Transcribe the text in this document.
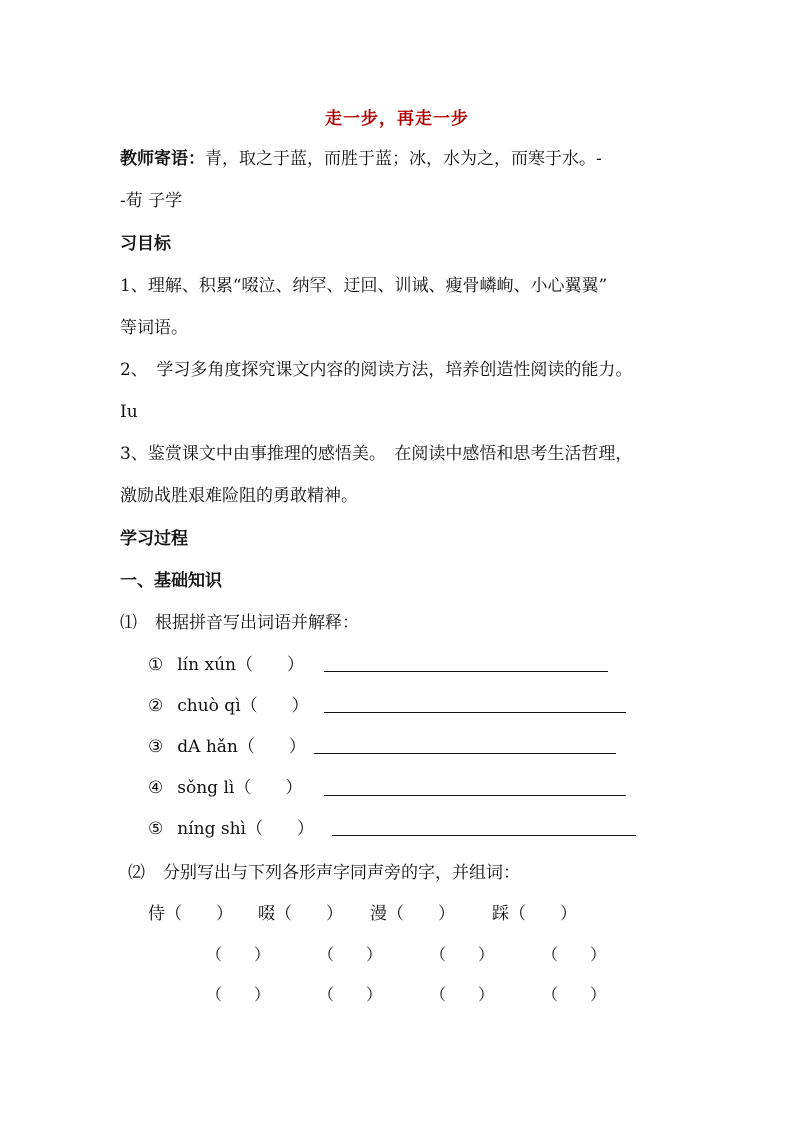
走一步，再走一步
教师寄语：青，取之于蓝，而胜于蓝；冰，水为之，而寒于水。-
-荀 子学
习目标
1、理解、积累“啜泣、纳罕、迂回、训诫、瘦骨嶙峋、小心翼翼”
等词语。
2、　学习多角度探究课文内容的阅读方法，培养创造性阅读的能力。
Iu
3、鉴赏课文中由事推理的感悟美。　在阅读中感悟和思考生活哲理，
激励战胜艰难险阻的勇敢精神。
学习过程
一、基础知识
⑴ 根据拼音写出词语并解释：
① lín xún（　　）
② chuò qì（　　）
③ dA hǎn（　　）
④ sǒng lì（　　）
⑤ níng shì（　　）
⑵ 分别写出与下列各形声字同声旁的字，并组词：
侍（　　） 啜（　　） 漫（　　） 踩（　　）
（　　）	（　　）	（　　）	（　　）
（　　）	（　　）	（　　）	（　　）
